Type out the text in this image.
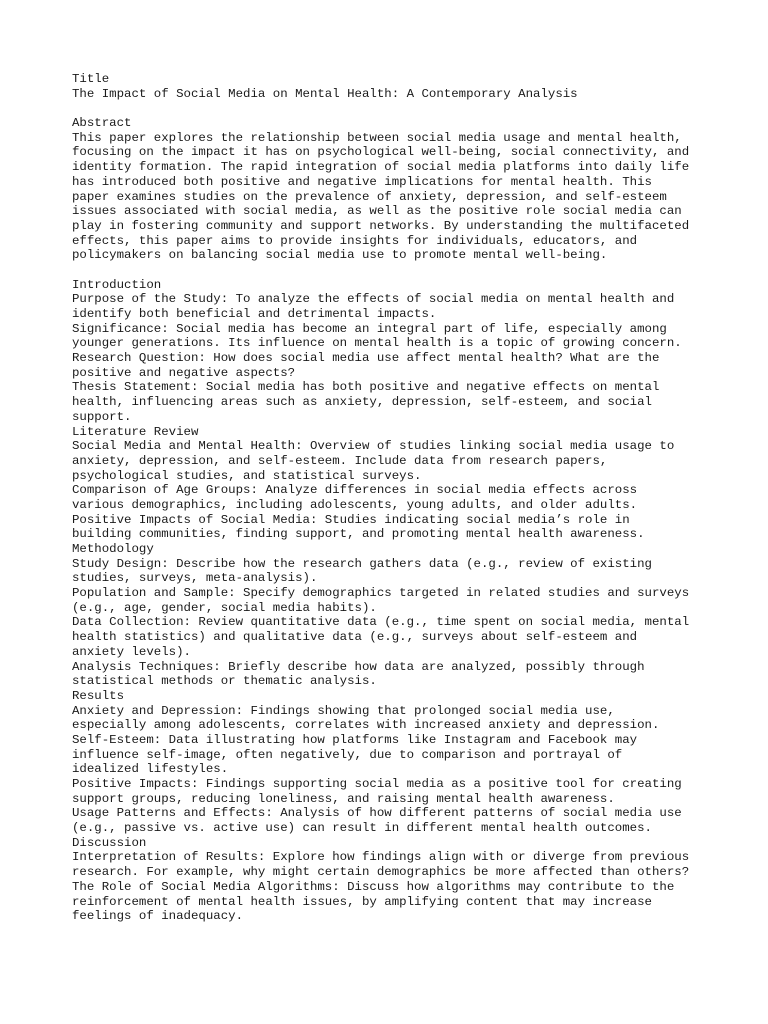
Title
The Impact of Social Media on Mental Health: A Contemporary Analysis
Abstract
This paper explores the relationship between social media usage and mental health,
focusing on the impact it has on psychological well-being, social connectivity, and
identity formation. The rapid integration of social media platforms into daily life
has introduced both positive and negative implications for mental health. This
paper examines studies on the prevalence of anxiety, depression, and self-esteem
issues associated with social media, as well as the positive role social media can
play in fostering community and support networks. By understanding the multifaceted
effects, this paper aims to provide insights for individuals, educators, and
policymakers on balancing social media use to promote mental well-being.
Introduction
Purpose of the Study: To analyze the effects of social media on mental health and
identify both beneficial and detrimental impacts.
Significance: Social media has become an integral part of life, especially among
younger generations. Its influence on mental health is a topic of growing concern.
Research Question: How does social media use affect mental health? What are the
positive and negative aspects?
Thesis Statement: Social media has both positive and negative effects on mental
health, influencing areas such as anxiety, depression, self-esteem, and social
support.
Literature Review
Social Media and Mental Health: Overview of studies linking social media usage to
anxiety, depression, and self-esteem. Include data from research papers,
psychological studies, and statistical surveys.
Comparison of Age Groups: Analyze differences in social media effects across
various demographics, including adolescents, young adults, and older adults.
Positive Impacts of Social Media: Studies indicating social media’s role in
building communities, finding support, and promoting mental health awareness.
Methodology
Study Design: Describe how the research gathers data (e.g., review of existing
studies, surveys, meta-analysis).
Population and Sample: Specify demographics targeted in related studies and surveys
(e.g., age, gender, social media habits).
Data Collection: Review quantitative data (e.g., time spent on social media, mental
health statistics) and qualitative data (e.g., surveys about self-esteem and
anxiety levels).
Analysis Techniques: Briefly describe how data are analyzed, possibly through
statistical methods or thematic analysis.
Results
Anxiety and Depression: Findings showing that prolonged social media use,
especially among adolescents, correlates with increased anxiety and depression.
Self-Esteem: Data illustrating how platforms like Instagram and Facebook may
influence self-image, often negatively, due to comparison and portrayal of
idealized lifestyles.
Positive Impacts: Findings supporting social media as a positive tool for creating
support groups, reducing loneliness, and raising mental health awareness.
Usage Patterns and Effects: Analysis of how different patterns of social media use
(e.g., passive vs. active use) can result in different mental health outcomes.
Discussion
Interpretation of Results: Explore how findings align with or diverge from previous
research. For example, why might certain demographics be more affected than others?
The Role of Social Media Algorithms: Discuss how algorithms may contribute to the
reinforcement of mental health issues, by amplifying content that may increase
feelings of inadequacy.
